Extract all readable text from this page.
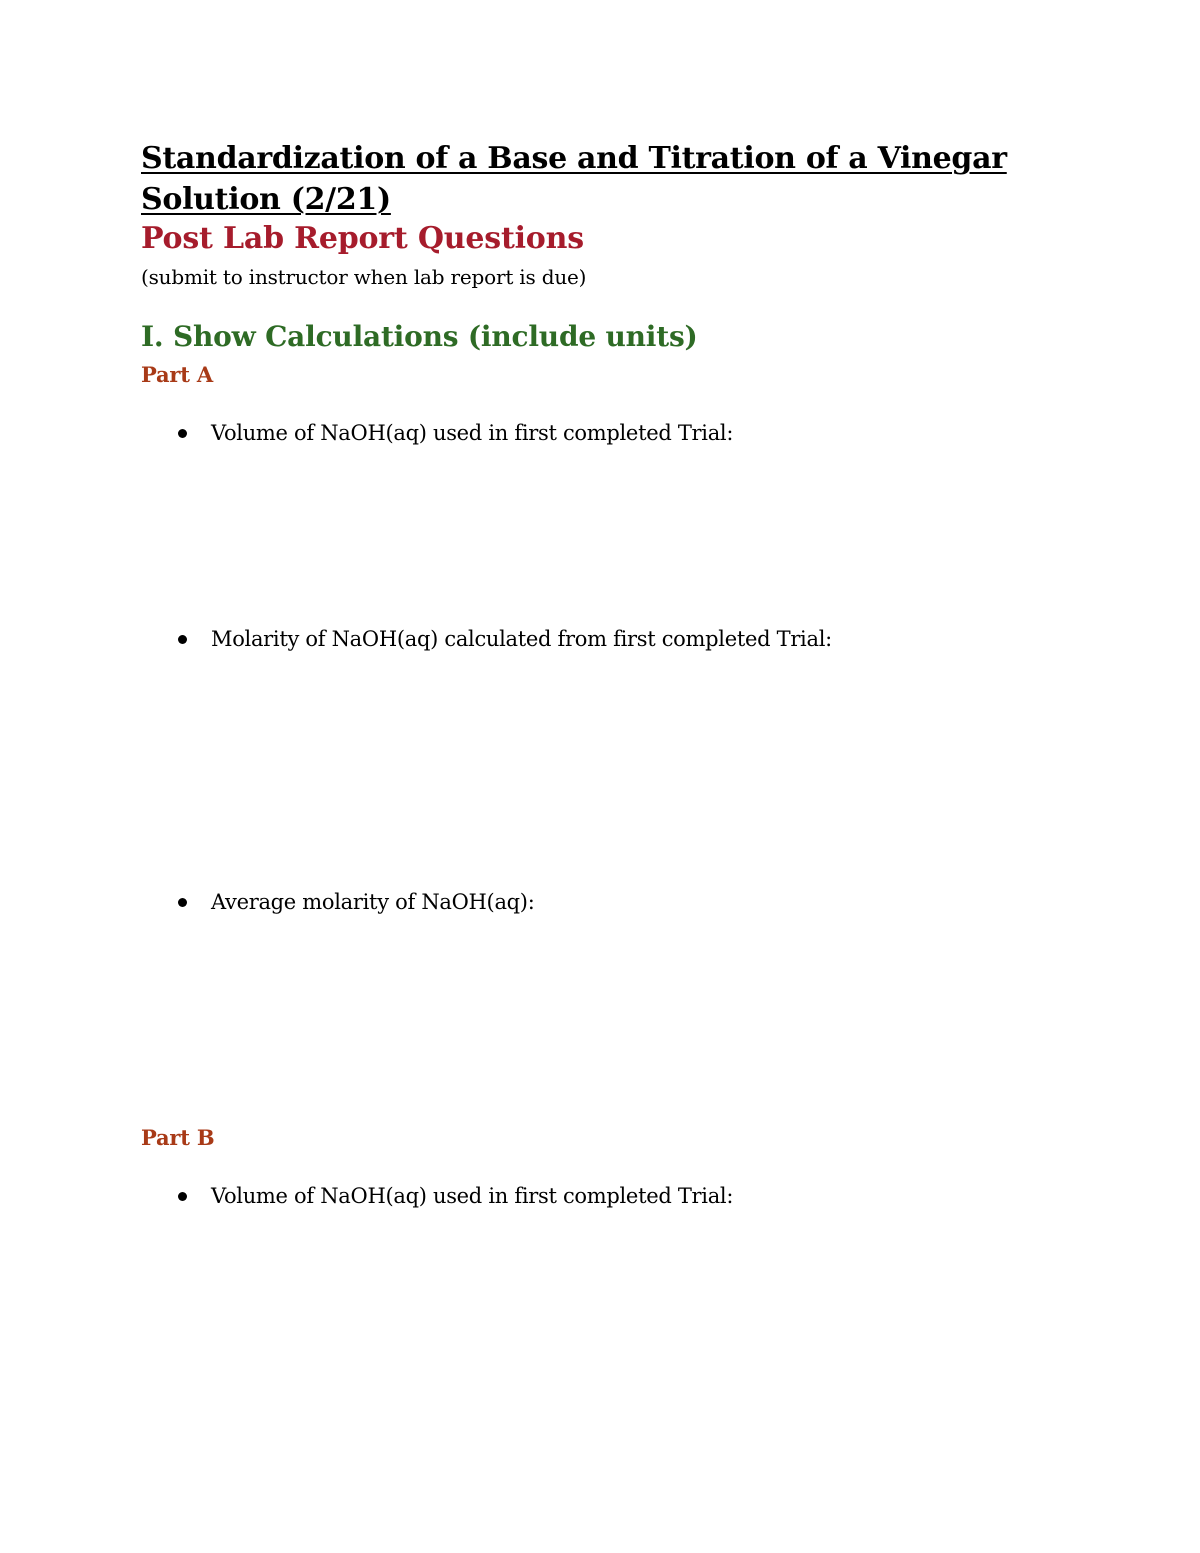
Standardization of a Base and Titration of a Vinegar
Solution (2/21)
Post Lab Report Questions
(submit to instructor when lab report is due)
I. Show Calculations (include units)
Part A
Volume of NaOH(aq) used in first completed Trial:
Molarity of NaOH(aq) calculated from first completed Trial:
Average molarity of NaOH(aq):
Part B
Volume of NaOH(aq) used in first completed Trial:
